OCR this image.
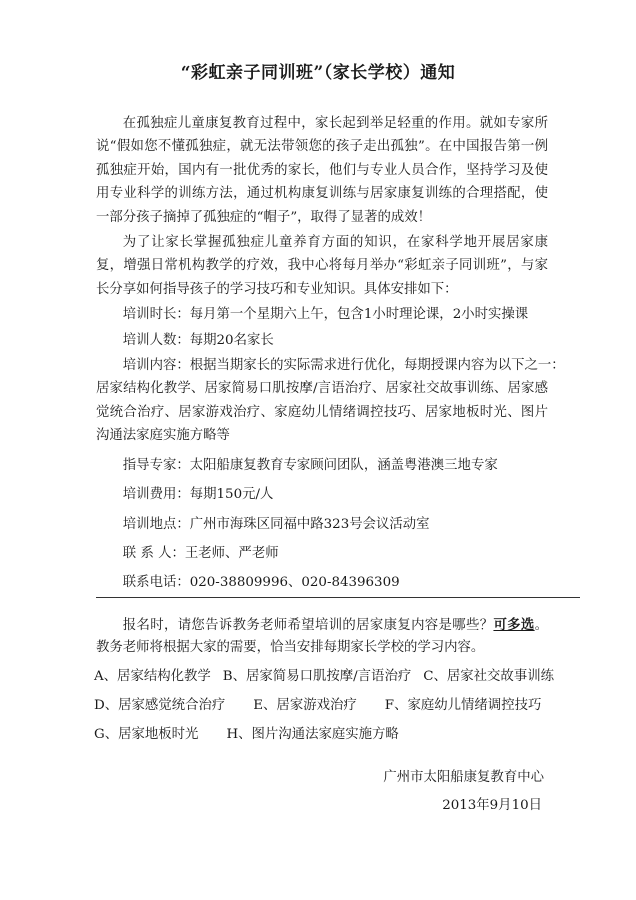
“彩虹亲子同训班”（家长学校）通知

在孤独症儿童康复教育过程中，家长起到举足轻重的作用。就如专家所说“假如您不懂孤独症，就无法带领您的孩子走出孤独”。在中国报告第一例孤独症开始，国内有一批优秀的家长，他们与专业人员合作，坚持学习及使用专业科学的训练方法，通过机构康复训练与居家康复训练的合理搭配，使一部分孩子摘掉了孤独症的“帽子”，取得了显著的成效！

为了让家长掌握孤独症儿童养育方面的知识，在家科学地开展居家康复，增强日常机构教学的疗效，我中心将每月举办“彩虹亲子同训班”，与家长分享如何指导孩子的学习技巧和专业知识。具体安排如下：

培训时长：每月第一个星期六上午，包含1小时理论课，2小时实操课

培训人数：每期20名家长

培训内容：根据当期家长的实际需求进行优化，每期授课内容为以下之一：

居家结构化教学、居家简易口肌按摩/言语治疗、居家社交故事训练、居家感觉统合治疗、居家游戏治疗、家庭幼儿情绪调控技巧、居家地板时光、图片沟通法家庭实施方略等

指导专家：太阳船康复教育专家顾问团队，涵盖粤港澳三地专家

培训费用：每期150元/人

培训地点：广州市海珠区同福中路323号会议活动室

联 系 人：王老师、严老师

联系电话：020-38809996、020-84396309

报名时，请您告诉教务老师希望培训的居家康复内容是哪些？可多选。教务老师将根据大家的需要，恰当安排每期家长学校的学习内容。

A、居家结构化教学 B、居家简易口肌按摩/言语治疗 C、居家社交故事训练

D、居家感觉统合治疗 E、居家游戏治疗 F、家庭幼儿情绪调控技巧

G、居家地板时光 H、图片沟通法家庭实施方略

广州市太阳船康复教育中心
2013年9月10日
